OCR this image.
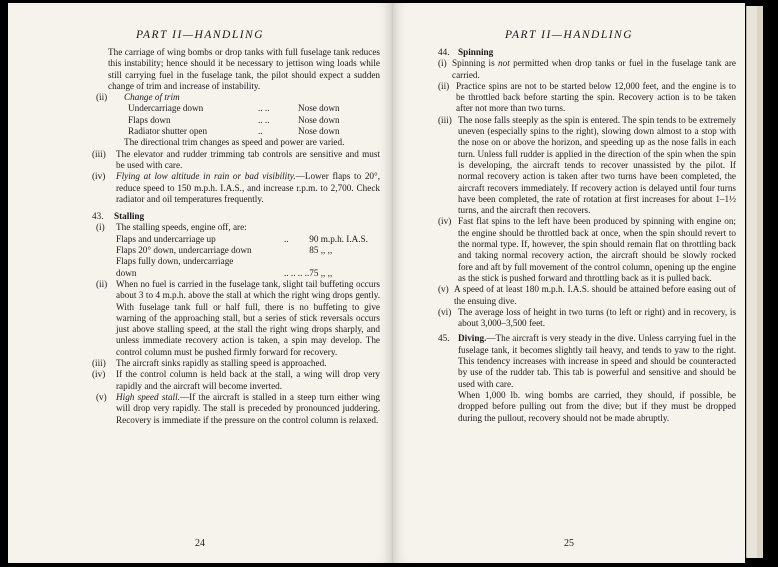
PART II—HANDLING

The carriage of wing bombs or drop tanks with full fuselage tank reduces this instability; hence should it be necessary to jettison wing loads while still carrying fuel in the fuselage tank, the pilot should expect a sudden change of trim and increase of instability.

(ii)	Change of trim
Undercarriage down	.. ..	Nose down
Flaps down	.. ..	Nose down
Radiator shutter open	..	Nose down

The directional trim changes as speed and power are varied.

(iii)	The elevator and rudder trimming tab controls are sensitive and must be used with care.
(iv)	Flying at low altitude in rain or bad visibility.—Lower flaps to 20°, reduce speed to 150 m.p.h. I.A.S., and increase r.p.m. to 2,700. Check radiator and oil temperatures frequently.
43.	Stalling
(i)	The stalling speeds, engine off, are:
Flaps and undercarriage up	..	90 m.p.h. I.A.S.
Flaps 20° down, undercarriage down		85 ,, ,,
Flaps fully down, undercarriage		
down	.. .. .. ..	75 ,, ,,
(ii) When no fuel is carried in the fuselage tank, slight tail buffeting occurs about 3 to 4 m.p.h. above the stall at which the right wing drops gently. With fuselage tank full or half full, there is no buffeting to give warning of the approaching stall, but a series of stick reversals occurs just above stalling speed, at the stall the right wing drops sharply, and unless immediate recovery action is taken, a spin may develop. The control column must be pushed firmly forward for recovery.
(iii)	The aircraft sinks rapidly as stalling speed is approached.
(iv)	If the control column is held back at the stall, a wing will drop very rapidly and the aircraft will become inverted.
(v)	High speed stall.—If the aircraft is stalled in a steep turn either wing will drop very rapidly. The stall is preceded by pronounced juddering. Recovery is immediate if the pressure on the control column is relaxed.
24
PART II—HANDLING
44. Spinning
(i) Spinning is not permitted when drop tanks or fuel in the fuselage tank are carried.
(ii) Practice spins are not to be started below 12,000 feet, and the engine is to be throttled back before starting the spin. Recovery action is to be taken after not more than two turns.
(iii) The nose falls steeply as the spin is entered. The spin tends to be extremely uneven (especially spins to the right), slowing down almost to a stop with the nose on or above the horizon, and speeding up as the nose falls in each turn. Unless full rudder is applied in the direction of the spin when the spin is developing, the aircraft tends to recover unassisted by the pilot. If normal recovery action is taken after two turns have been completed, the aircraft recovers immediately. If recovery action is delayed until four turns have been completed, the rate of rotation at first increases for about 1–1½ turns, and the aircraft then recovers.
(iv) Fast flat spins to the left have been produced by spinning with engine on; the engine should be throttled back at once, when the spin should revert to the normal type. If, however, the spin should remain flat on throttling back and taking normal recovery action, the aircraft should be slowly rocked fore and aft by full movement of the control column, opening up the engine as the stick is pushed forward and throttling back as it is pulled back.
(v) A speed of at least 180 m.p.h. I.A.S. should be attained before easing out of the ensuing dive.
(vi) The average loss of height in two turns (to left or right) and in recovery, is about 3,000–3,500 feet.
45. Diving.—The aircraft is very steady in the dive. Unless carrying fuel in the fuselage tank, it becomes slightly tail heavy, and tends to yaw to the right. This tendency increases with increase in speed and should be counteracted by use of the rudder tab. This tab is powerful and sensitive and should be used with care.

When 1,000 lb. wing bombs are carried, they should, if possible, be dropped before pulling out from the dive; but if they must be dropped during the pullout, recovery should not be made abruptly.

25
